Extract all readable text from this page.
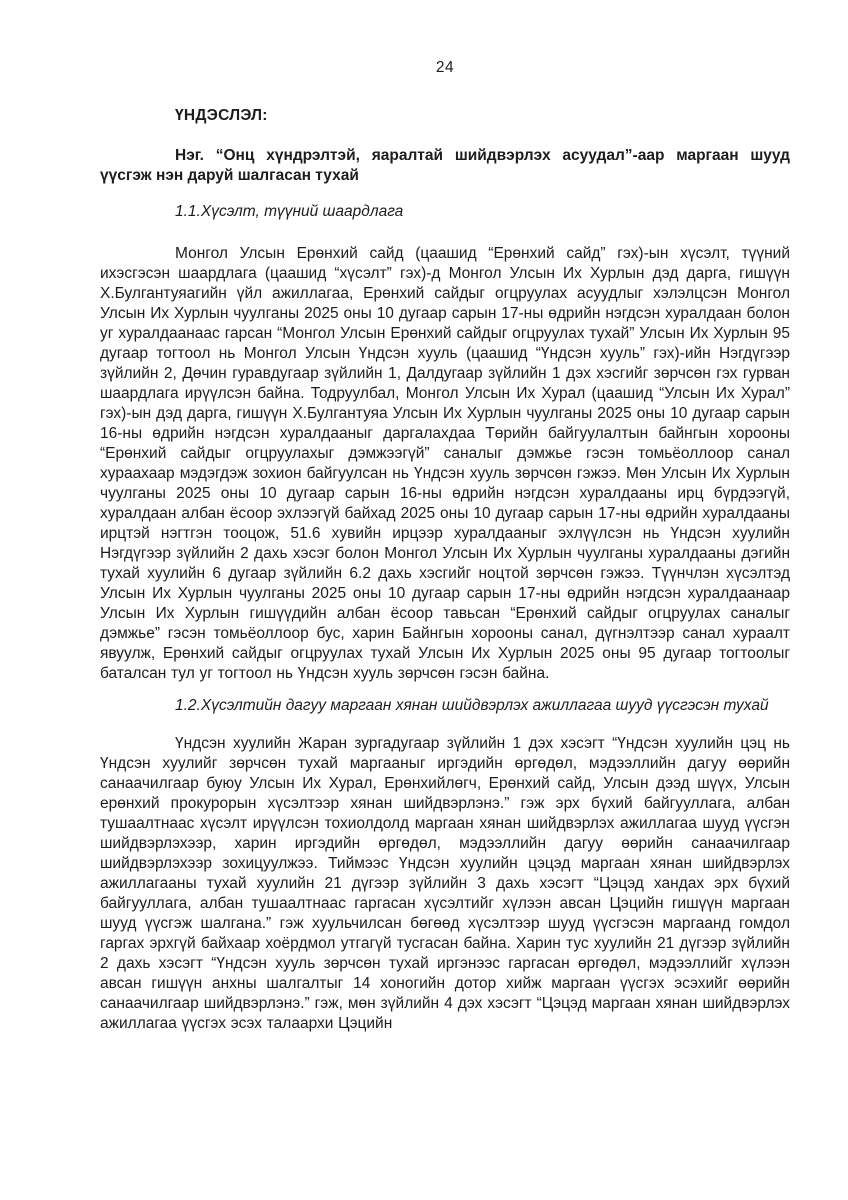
24
ҮНДЭСЛЭЛ:

Нэг. “Онц хүндрэлтэй, яаралтай шийдвэрлэх асуудал”-аар маргаан шууд үүсгэж нэн даруй шалгасан тухай

1.1.Хүсэлт, түүний шаардлага

Монгол Улсын Ерөнхий сайд (цаашид “Ерөнхий сайд” гэх)-ын хүсэлт, түүний ихэсгэсэн шаардлага (цаашид “хүсэлт” гэх)-д Монгол Улсын Их Хурлын дэд дарга, гишүүн Х.Булгантуяагийн үйл ажиллагаа, Ерөнхий сайдыг огцруулах асуудлыг хэлэлцсэн Монгол Улсын Их Хурлын чуулганы 2025 оны 10 дугаар сарын 17-ны өдрийн нэгдсэн хуралдаан болон уг хуралдаанаас гарсан “Монгол Улсын Ерөнхий сайдыг огцруулах тухай” Улсын Их Хурлын 95 дугаар тогтоол нь Монгол Улсын Үндсэн хууль (цаашид “Үндсэн хууль” гэх)-ийн Нэгдүгээр зүйлийн 2, Дөчин гуравдугаар зүйлийн 1, Далдугаар зүйлийн 1 дэх хэсгийг зөрчсөн гэх гурван шаардлага ирүүлсэн байна. Тодруулбал, Монгол Улсын Их Хурал (цаашид “Улсын Их Хурал” гэх)-ын дэд дарга, гишүүн Х.Булгантуяа Улсын Их Хурлын чуулганы 2025 оны 10 дугаар сарын 16-ны өдрийн нэгдсэн хуралдааныг даргалахдаа Төрийн байгуулалтын байнгын хорооны “Ерөнхий сайдыг огцруулахыг дэмжээгүй” саналыг дэмжье гэсэн томьёоллоор санал хураахаар мэдэгдэж зохион байгуулсан нь Үндсэн хууль зөрчсөн гэжээ. Мөн Улсын Их Хурлын чуулганы 2025 оны 10 дугаар сарын 16-ны өдрийн нэгдсэн хуралдааны ирц бүрдээгүй, хуралдаан албан ёсоор эхлээгүй байхад 2025 оны 10 дугаар сарын 17-ны өдрийн хуралдааны ирцтэй нэгтгэн тооцож, 51.6 хувийн ирцээр хуралдааныг эхлүүлсэн нь Үндсэн хуулийн Нэгдүгээр зүйлийн 2 дахь хэсэг болон Монгол Улсын Их Хурлын чуулганы хуралдааны дэгийн тухай хуулийн 6 дугаар зүйлийн 6.2 дахь хэсгийг ноцтой зөрчсөн гэжээ. Түүнчлэн хүсэлтэд Улсын Их Хурлын чуулганы 2025 оны 10 дугаар сарын 17-ны өдрийн нэгдсэн хуралдаанаар Улсын Их Хурлын гишүүдийн албан ёсоор тавьсан “Ерөнхий сайдыг огцруулах саналыг дэмжье” гэсэн томьёоллоор бус, харин Байнгын хорооны санал, дүгнэлтээр санал хураалт явуулж, Ерөнхий сайдыг огцруулах тухай Улсын Их Хурлын 2025 оны 95 дугаар тогтоолыг баталсан тул уг тогтоол нь Үндсэн хууль зөрчсөн гэсэн байна.

1.2.Хүсэлтийн дагуу маргаан хянан шийдвэрлэх ажиллагаа шууд үүсгэсэн тухай

Үндсэн хуулийн Жаран зургадугаар зүйлийн 1 дэх хэсэгт “Үндсэн хуулийн цэц нь Үндсэн хуулийг зөрчсөн тухай маргааныг иргэдийн өргөдөл, мэдээллийн дагуу өөрийн санаачилгаар буюу Улсын Их Хурал, Ерөнхийлөгч, Ерөнхий сайд, Улсын дээд шүүх, Улсын ерөнхий прокурорын хүсэлтээр хянан шийдвэрлэнэ.” гэж эрх бүхий байгууллага, албан тушаалтнаас хүсэлт ирүүлсэн тохиолдолд маргаан хянан шийдвэрлэх ажиллагаа шууд үүсгэн шийдвэрлэхээр, харин иргэдийн өргөдөл, мэдээллийн дагуу өөрийн санаачилгаар шийдвэрлэхээр зохицуулжээ. Тиймээс Үндсэн хуулийн цэцэд маргаан хянан шийдвэрлэх ажиллагааны тухай хуулийн 21 дүгээр зүйлийн 3 дахь хэсэгт “Цэцэд хандах эрх бүхий байгууллага, албан тушаалтнаас гаргасан хүсэлтийг хүлээн авсан Цэцийн гишүүн маргаан шууд үүсгэж шалгана.” гэж хуульчилсан бөгөөд хүсэлтээр шууд үүсгэсэн маргаанд гомдол гаргах эрхгүй байхаар хоёрдмол утгагүй тусгасан байна. Харин тус хуулийн 21 дүгээр зүйлийн 2 дахь хэсэгт “Үндсэн хууль зөрчсөн тухай иргэнээс гаргасан өргөдөл, мэдээллийг хүлээн авсан гишүүн анхны шалгалтыг 14 хоногийн дотор хийж маргаан үүсгэх эсэхийг өөрийн санаачилгаар шийдвэрлэнэ.” гэж, мөн зүйлийн 4 дэх хэсэгт “Цэцэд маргаан хянан шийдвэрлэх ажиллагаа үүсгэх эсэх талаархи Цэцийн
